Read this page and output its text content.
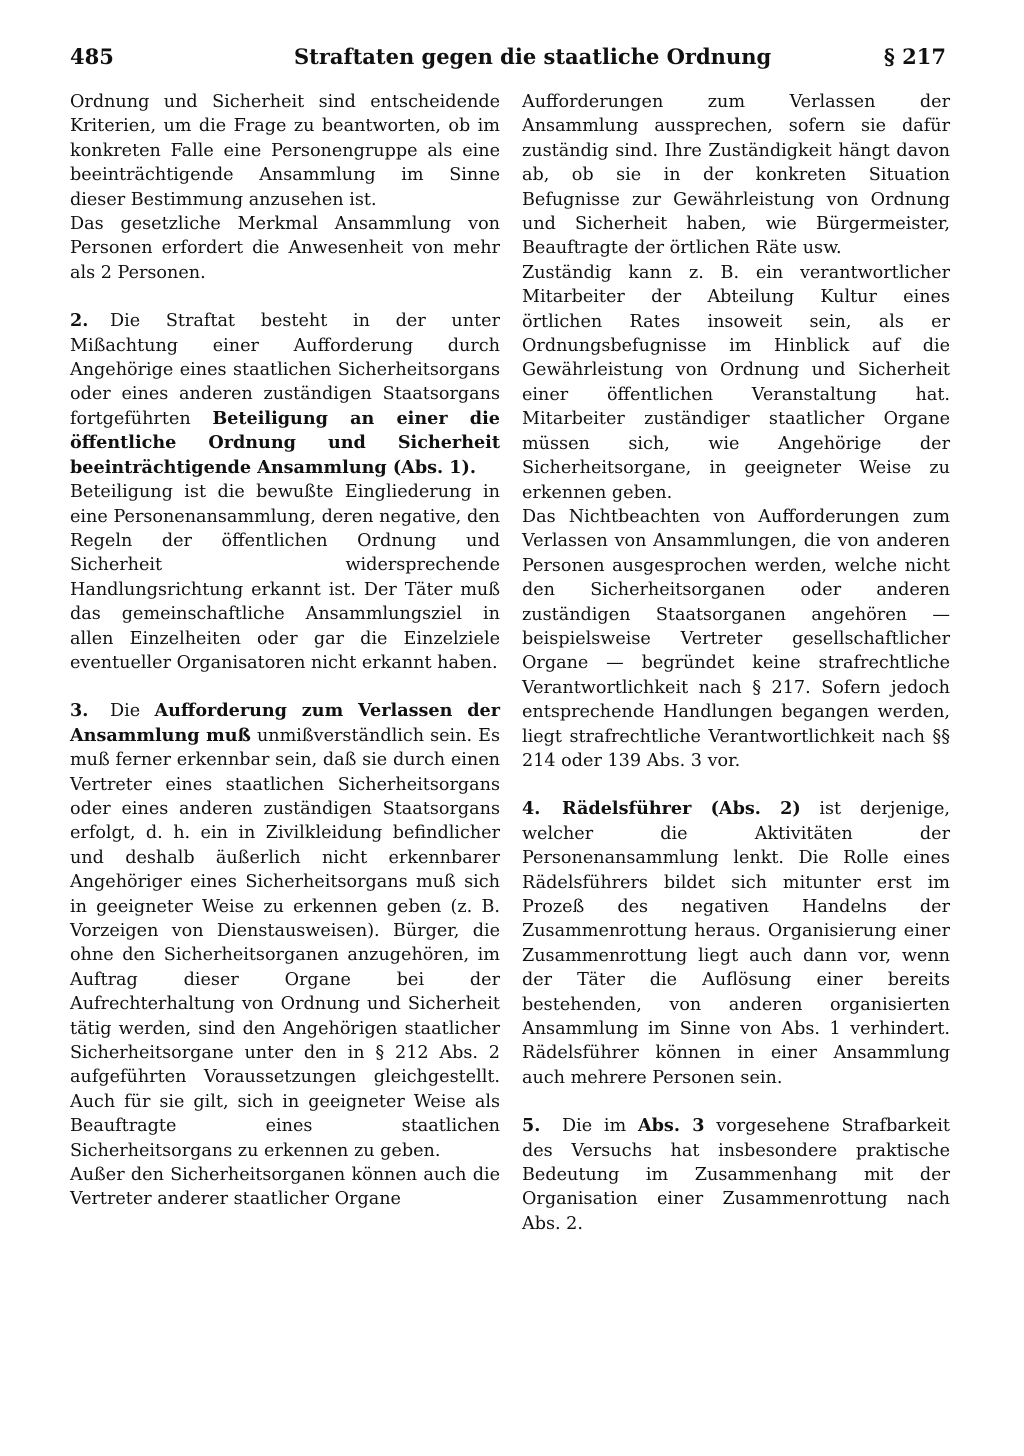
485	Straftaten gegen die staatliche Ordnung	§ 217

Ordnung und Sicherheit sind entscheidende Kriterien, um die Frage zu beantworten, ob im konkreten Falle eine Personengruppe als eine beeinträchtigende Ansammlung im Sinne dieser Bestimmung anzusehen ist.

Das gesetzliche Merkmal Ansammlung von Personen erfordert die Anwesenheit von mehr als 2 Personen.

2. Die Straftat besteht in der unter Mißachtung einer Aufforderung durch Angehörige eines staatlichen Sicherheitsorgans oder eines anderen zuständigen Staatsorgans fortgeführten Beteiligung an einer die öffentliche Ordnung und Sicherheit beeinträchtigende Ansammlung (Abs. 1).

Beteiligung ist die bewußte Eingliederung in eine Personenansammlung, deren negative, den Regeln der öffentlichen Ordnung und Sicherheit widersprechende Handlungsrichtung erkannt ist. Der Täter muß das gemeinschaftliche Ansammlungsziel in allen Einzelheiten oder gar die Einzelziele eventueller Organisatoren nicht erkannt haben.

3. Die Aufforderung zum Verlassen der Ansammlung muß unmißverständlich sein. Es muß ferner erkennbar sein, daß sie durch einen Vertreter eines staatlichen Sicherheitsorgans oder eines anderen zuständigen Staatsorgans erfolgt, d. h. ein in Zivilkleidung befindlicher und deshalb äußerlich nicht erkennbarer Angehöriger eines Sicherheitsorgans muß sich in geeigneter Weise zu erkennen geben (z. B. Vorzeigen von Dienstausweisen). Bürger, die ohne den Sicherheitsorganen anzugehören, im Auftrag dieser Organe bei der Aufrechterhaltung von Ordnung und Sicherheit tätig werden, sind den Angehörigen staatlicher Sicherheitsorgane unter den in § 212 Abs. 2 aufgeführten Voraussetzungen gleichgestellt. Auch für sie gilt, sich in geeigneter Weise als Beauftragte eines staatlichen Sicherheitsorgans zu erkennen zu geben.

Außer den Sicherheitsorganen können auch die Vertreter anderer staatlicher Organe

Aufforderungen zum Verlassen der Ansammlung aussprechen, sofern sie dafür zuständig sind. Ihre Zuständigkeit hängt davon ab, ob sie in der konkreten Situation Befugnisse zur Gewährleistung von Ordnung und Sicherheit haben, wie Bürgermeister, Beauftragte der örtlichen Räte usw.

Zuständig kann z. B. ein verantwortlicher Mitarbeiter der Abteilung Kultur eines örtlichen Rates insoweit sein, als er Ordnungsbefugnisse im Hinblick auf die Gewährleistung von Ordnung und Sicherheit einer öffentlichen Veranstaltung hat. Mitarbeiter zuständiger staatlicher Organe müssen sich, wie Angehörige der Sicherheitsorgane, in geeigneter Weise zu erkennen geben.

Das Nichtbeachten von Aufforderungen zum Verlassen von Ansammlungen, die von anderen Personen ausgesprochen werden, welche nicht den Sicherheitsorganen oder anderen zuständigen Staatsorganen angehören — beispielsweise Vertreter gesellschaftlicher Organe — begründet keine strafrechtliche Verantwortlichkeit nach § 217. Sofern jedoch entsprechende Handlungen begangen werden, liegt strafrechtliche Verantwortlichkeit nach §§ 214 oder 139 Abs. 3 vor.

4. Rädelsführer (Abs. 2) ist derjenige, welcher die Aktivitäten der Personenansammlung lenkt. Die Rolle eines Rädelsführers bildet sich mitunter erst im Prozeß des negativen Handelns der Zusammenrottung heraus. Organisierung einer Zusammenrottung liegt auch dann vor, wenn der Täter die Auflösung einer bereits bestehenden, von anderen organisierten Ansammlung im Sinne von Abs. 1 verhindert. Rädelsführer können in einer Ansammlung auch mehrere Personen sein.

5. Die im Abs. 3 vorgesehene Strafbarkeit des Versuchs hat insbesondere praktische Bedeutung im Zusammenhang mit der Organisation einer Zusammenrottung nach Abs. 2.
